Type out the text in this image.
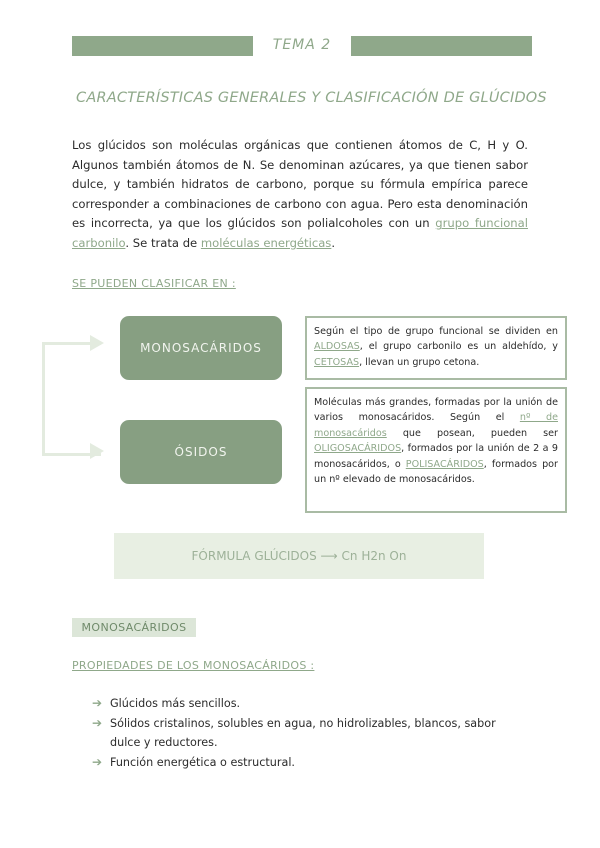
TEMA 2
CARACTERÍSTICAS GENERALES Y CLASIFICACIÓN DE GLÚCIDOS
Los glúcidos son moléculas orgánicas que contienen átomos de C, H y O. Algunos también átomos de N. Se denominan azúcares, ya que tienen sabor dulce, y también hidratos de carbono, porque su fórmula empírica parece corresponder a combinaciones de carbono con agua. Pero esta denominación es incorrecta, ya que los glúcidos son polialcoholes con un grupo funcional carbonilo. Se trata de moléculas energéticas.
SE PUEDEN CLASIFICAR EN :
MONOSACÁRIDOS
ÓSIDOS
Según el tipo de grupo funcional se dividen en ALDOSAS, el grupo carbonilo es un aldehído, y CETOSAS, llevan un grupo cetona.
Moléculas más grandes, formadas por la unión de varios monosacáridos. Según el nº de monosacáridos que posean, pueden ser OLIGOSACÁRIDOS, formados por la unión de 2 a 9 monosacáridos, o POLISACÁRIDOS, formados por un nº elevado de monosacáridos.
FÓRMULA GLÚCIDOS ⟶ Cn H2n On
MONOSACÁRIDOS
PROPIEDADES DE LOS MONOSACÁRIDOS :
➔ Glúcidos más sencillos.
➔ Sólidos cristalinos, solubles en agua, no hidrolizables, blancos, sabor dulce y reductores.
➔ Función energética o estructural.
